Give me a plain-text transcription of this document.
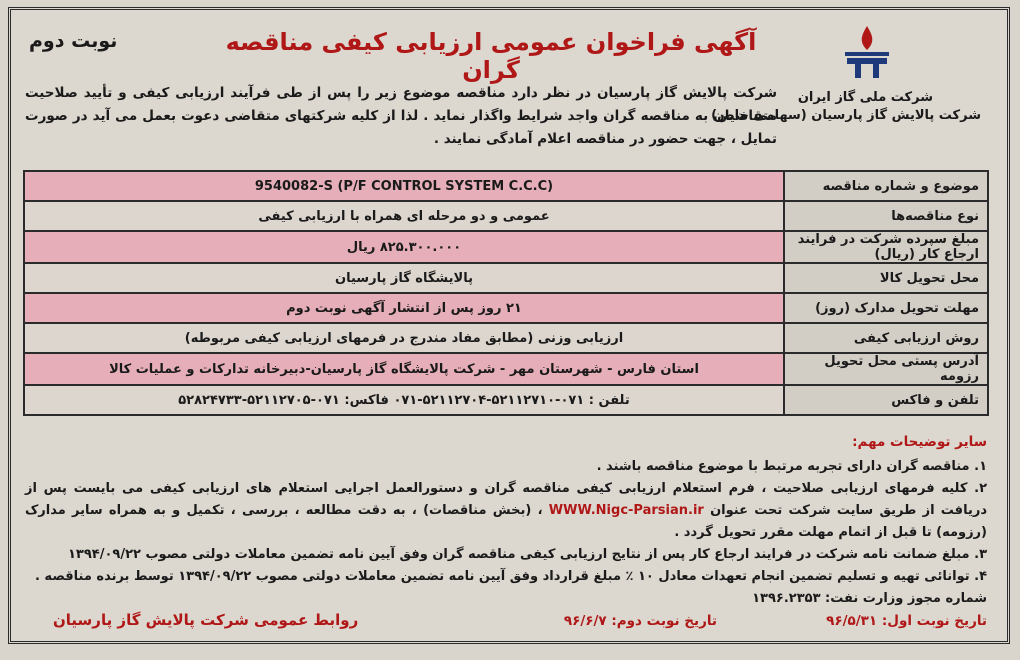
نوبت دوم	آگهی فراخوان عمومی ارزیابی کیفی مناقصه گران
شرکت ملی گاز ایران
شرکت پالایش گاز پارسیان (سهامی خاص)
شرکت پالایش گاز پارسیان در نظر دارد مناقصه موضوع زیر را پس از طی فرآیند ارزیابی کیفی و تأیید صلاحیت متقاضیان به مناقصه گران واجد شرایط واگذار نماید . لذا از کلیه شرکتهای متقاضی دعوت بعمل می آید در صورت تمایل ، جهت حضور در مناقصه اعلام آمادگی نمایند .
موضوع و شماره مناقصه	9540082-S (P/F CONTROL SYSTEM C.C.C)
نوع مناقصه‌ها	عمومی و دو مرحله ای همراه با ارزیابی کیفی
مبلغ سپرده شرکت در فرایند ارجاع کار (ریال)	۸۲۵.۳۰۰.۰۰۰ ریال
محل تحویل کالا	پالایشگاه گاز پارسیان
مهلت تحویل مدارک (روز)	۲۱ روز پس از انتشار آگهی نوبت دوم
روش ارزیابی کیفی	ارزیابی وزنی (مطابق مفاد مندرج در فرمهای ارزیابی کیفی مربوطه)
آدرس پستی محل تحویل رزومه	استان فارس - شهرستان مهر - شرکت پالایشگاه گاز پارسیان-دبیرخانه تدارکات و عملیات کالا
تلفن و فاکس	تلفن : ۰۷۱-۵۲۱۱۲۷۱۰-۵۲۱۱۲۷۰۴-۰۷۱ فاکس: ۰۷۱-۵۲۱۱۲۷۰۵-۵۲۸۲۴۷۳۳
سایر توضیحات مهم:

۱. مناقصه گران دارای تجربه مرتبط با موضوع مناقصه باشند .

۲. کلیه فرمهای ارزیابی صلاحیت ، فرم استعلام ارزیابی کیفی مناقصه گران و دستورالعمل اجرایی استعلام های ارزیابی کیفی می بایست پس از دریافت از طریق سایت شرکت تحت عنوان WWW.Nigc-Parsian.ir ، (بخش مناقصات) ، به دقت مطالعه ، بررسی ، تکمیل و به همراه سایر مدارک (رزومه) تا قبل از اتمام مهلت مقرر تحویل گردد .

۳. مبلغ ضمانت نامه شرکت در فرایند ارجاع کار پس از نتایج ارزیابی کیفی مناقصه گران وفق آیین نامه تضمین معاملات دولتی مصوب ۱۳۹۴/۰۹/۲۲

۴. توانائی تهیه و تسلیم تضمین انجام تعهدات معادل ۱۰ ٪ مبلغ قرارداد وفق آیین نامه تضمین معاملات دولتی مصوب ۱۳۹۴/۰۹/۲۲ توسط برنده مناقصه .

شماره مجوز وزارت نفت: ۱۳۹۶.۲۳۵۳

تاریخ نوبت اول: ۹۶/۵/۳۱
تاریخ نوبت دوم: ۹۶/۶/۷
روابط عمومی شرکت پالایش گاز پارسیان
